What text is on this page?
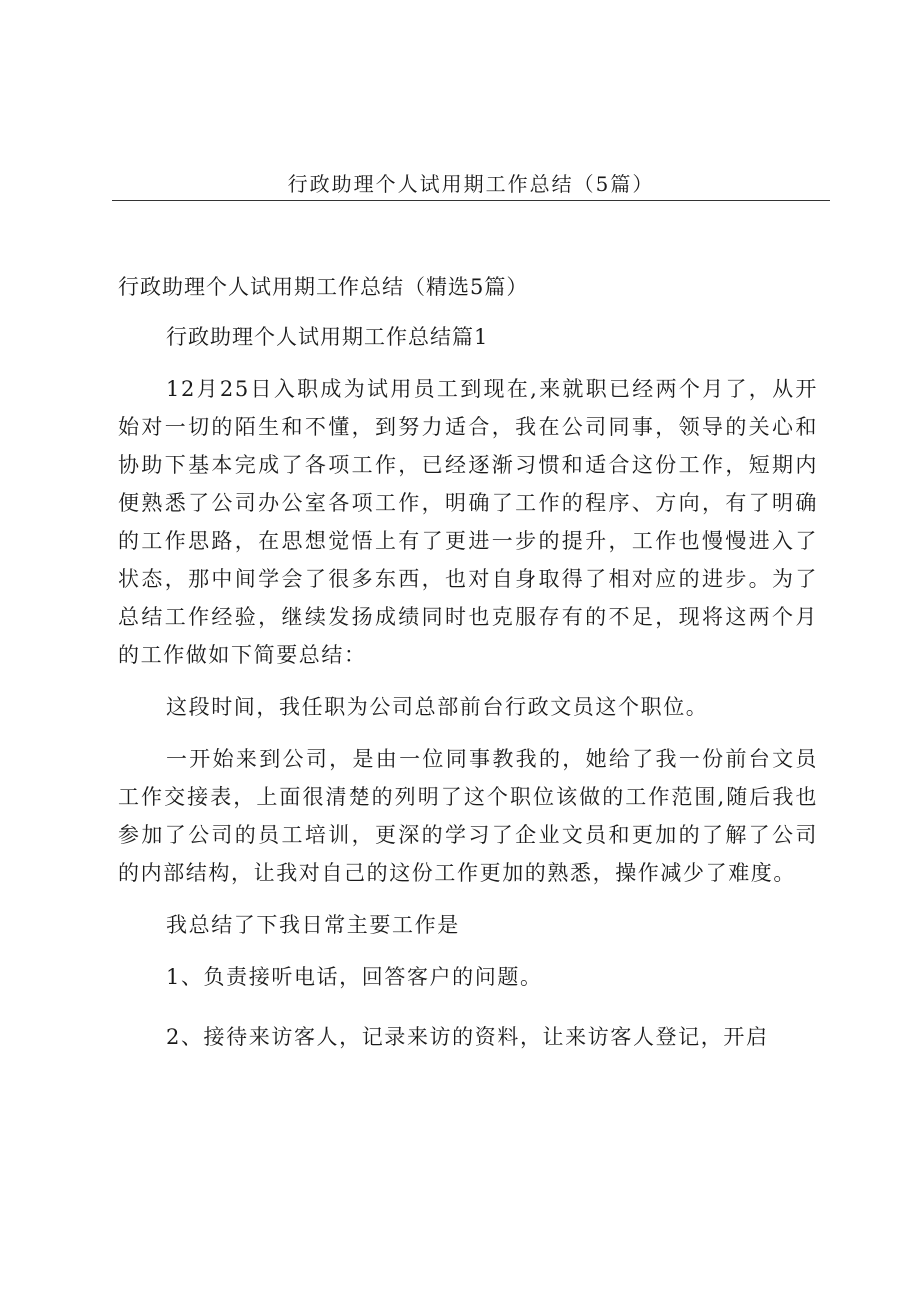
行政助理个人试用期工作总结（5篇）

行政助理个人试用期工作总结（精选5篇）

行政助理个人试用期工作总结篇1

12月25日入职成为试用员工到现在,来就职已经两个月了，从开始对一切的陌生和不懂，到努力适合，我在公司同事，领导的关心和协助下基本完成了各项工作，已经逐渐习惯和适合这份工作，短期内便熟悉了公司办公室各项工作，明确了工作的程序、方向，有了明确的工作思路，在思想觉悟上有了更进一步的提升，工作也慢慢进入了状态，那中间学会了很多东西，也对自身取得了相对应的进步。为了总结工作经验，继续发扬成绩同时也克服存有的不足，现将这两个月的工作做如下简要总结：

这段时间，我任职为公司总部前台行政文员这个职位。

一开始来到公司，是由一位同事教我的，她给了我一份前台文员工作交接表，上面很清楚的列明了这个职位该做的工作范围,随后我也参加了公司的员工培训，更深的学习了企业文员和更加的了解了公司的内部结构，让我对自己的这份工作更加的熟悉，操作减少了难度。

我总结了下我日常主要工作是

1、负责接听电话，回答客户的问题。

2、接待来访客人，记录来访的资料，让来访客人登记，开启
